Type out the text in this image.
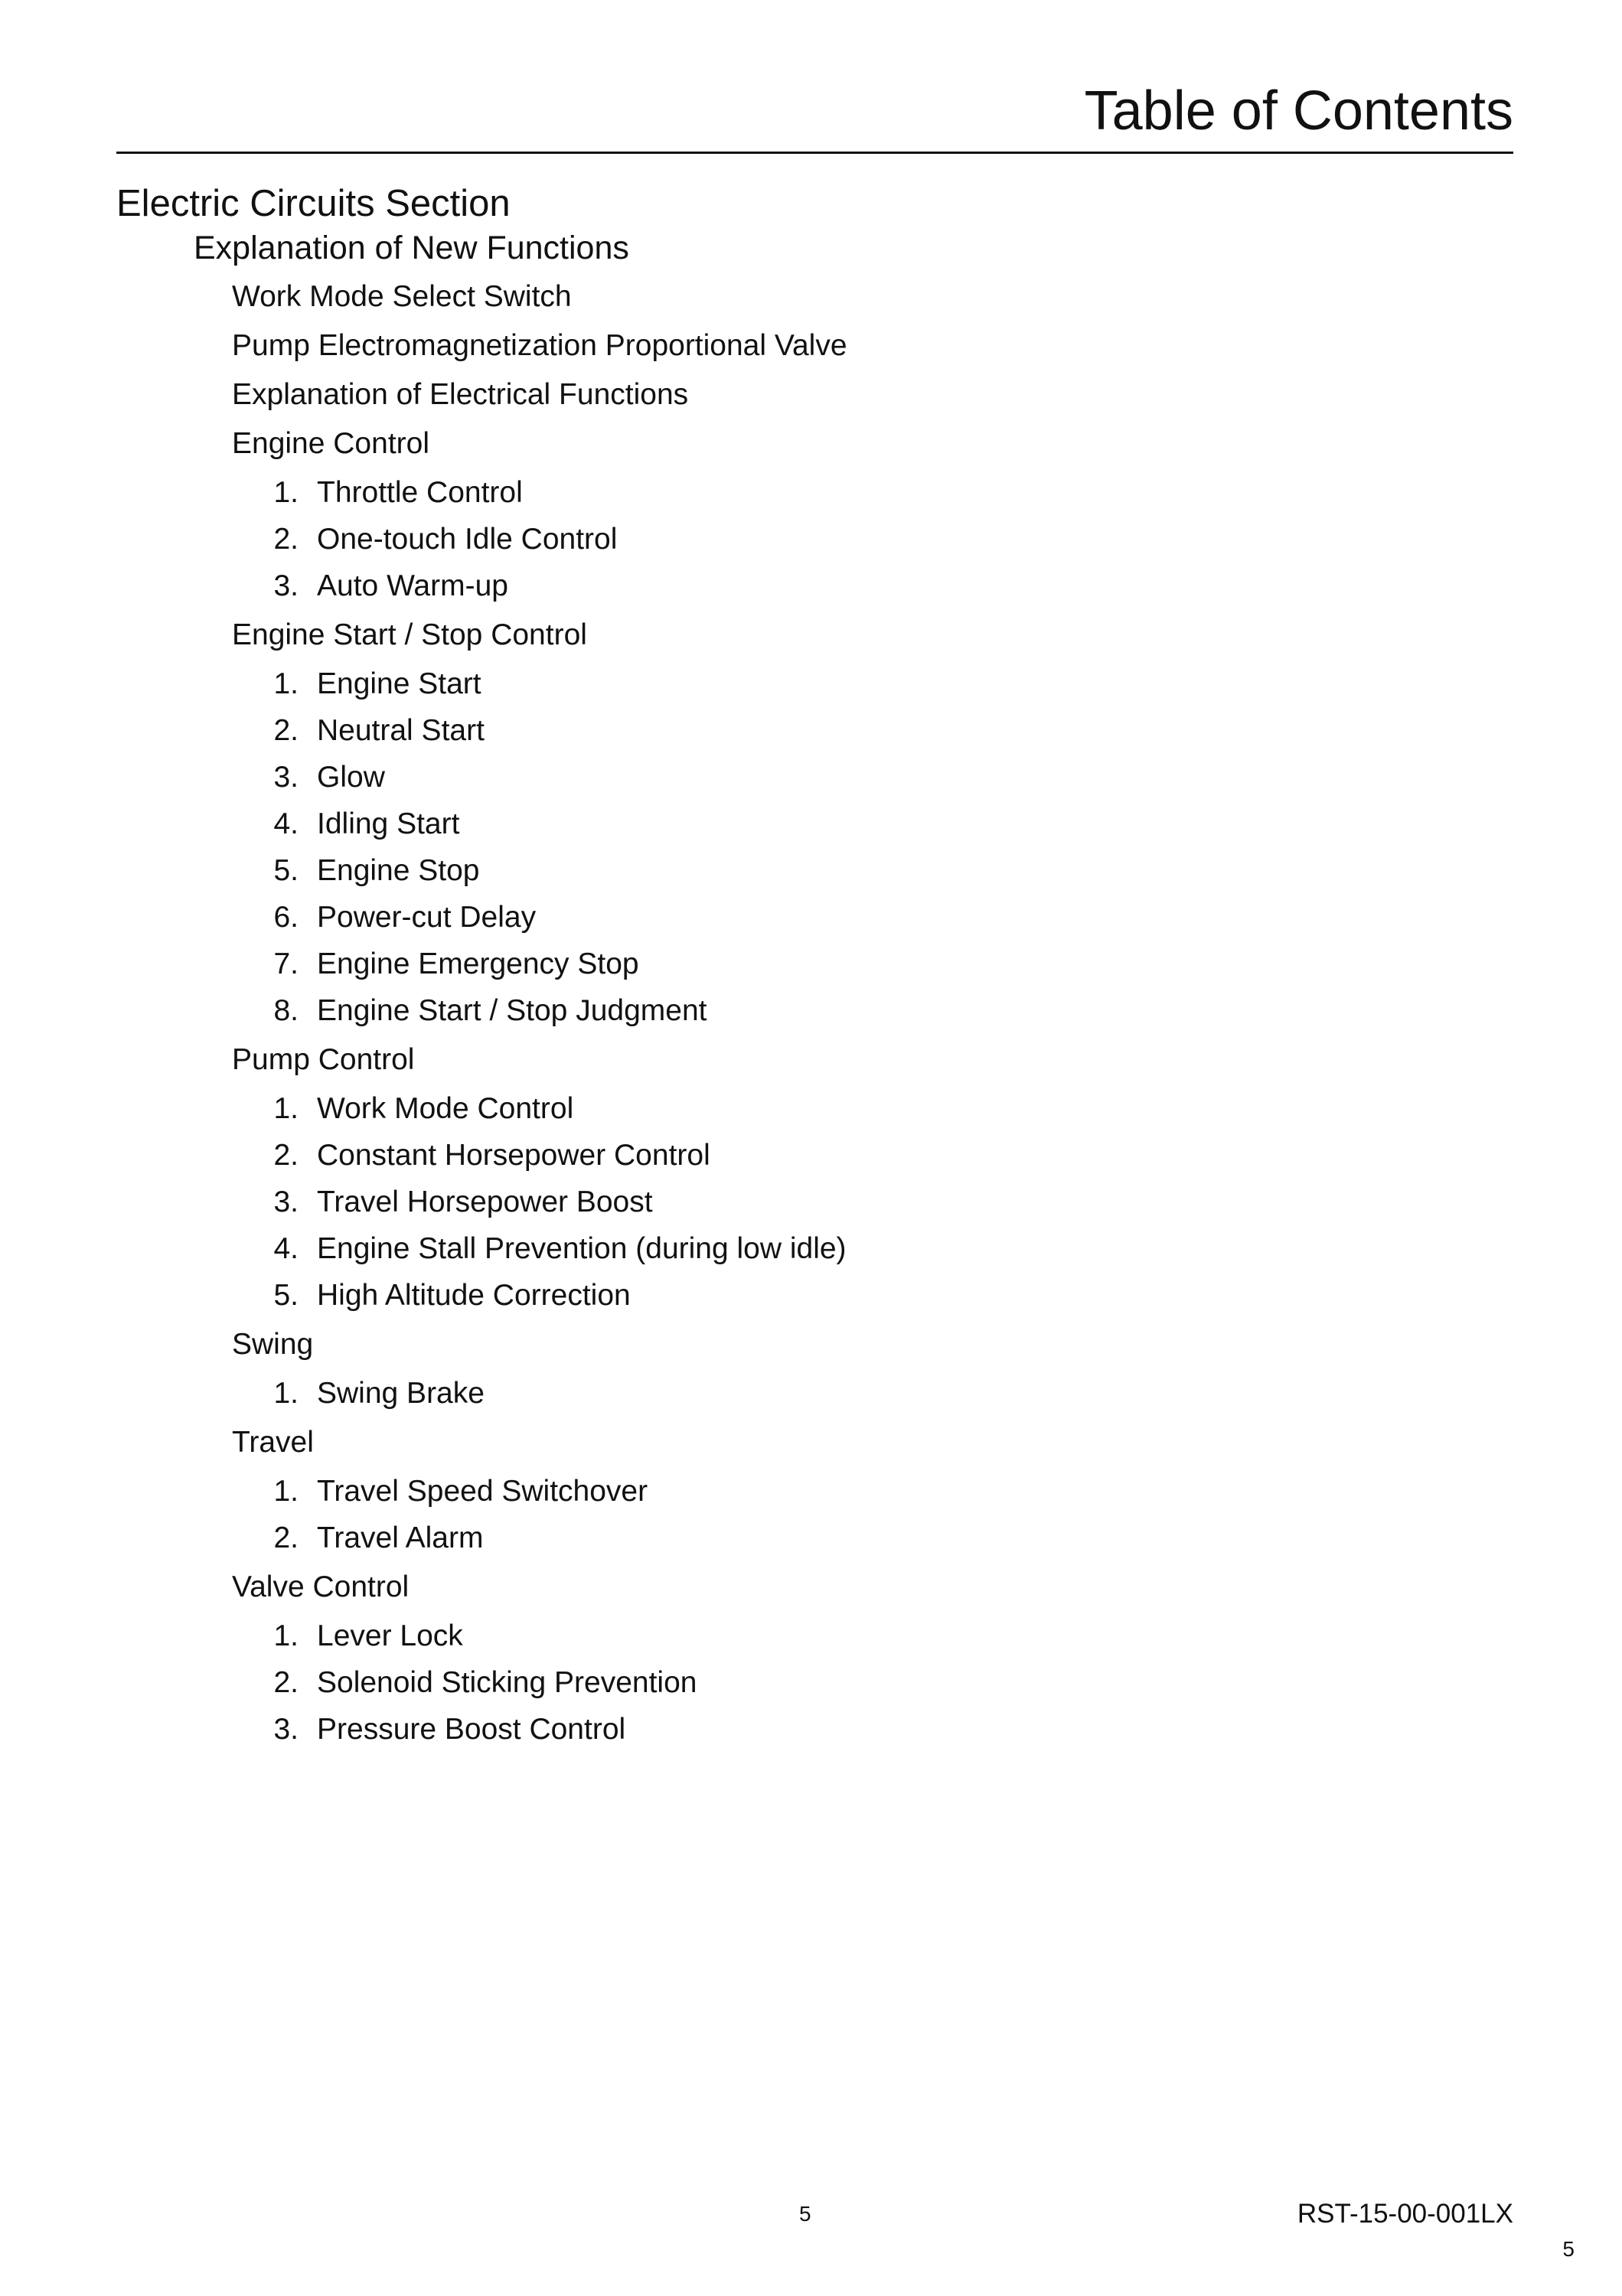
Table of Contents
Electric Circuits Section
Explanation of New Functions
Work Mode Select Switch
Pump Electromagnetization Proportional Valve
Explanation of Electrical Functions
Engine Control
1. Throttle Control
2. One-touch Idle Control
3. Auto Warm-up
Engine Start / Stop Control
1. Engine Start
2. Neutral Start
3. Glow
4. Idling Start
5. Engine Stop
6. Power-cut Delay
7. Engine Emergency Stop
8. Engine Start / Stop Judgment
Pump Control
1. Work Mode Control
2. Constant Horsepower Control
3. Travel Horsepower Boost
4. Engine Stall Prevention (during low idle)
5. High Altitude Correction
Swing
1. Swing Brake
Travel
1. Travel Speed Switchover
2. Travel Alarm
Valve Control
1. Lever Lock
2. Solenoid Sticking Prevention
3. Pressure Boost Control
5	RST-15-00-001LX
5
